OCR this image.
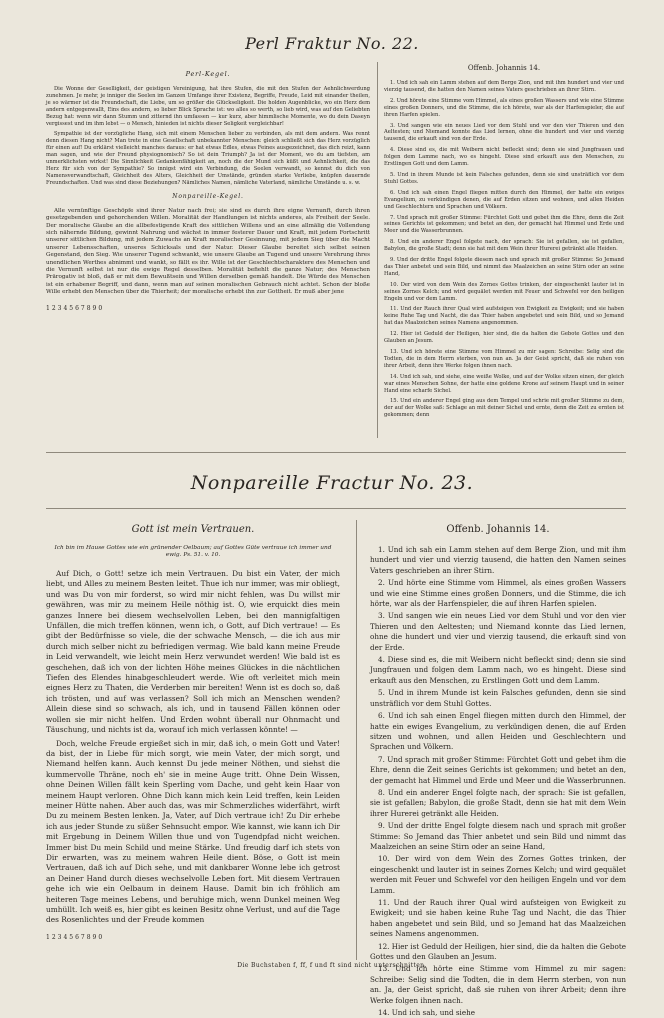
Perl Fraktur No. 22.
Perl-Kegel.

Die Wonne der Geselligkeit, der geistigen Vereinigung, hat ihre Stufen, die mit den Stufen der Aehnlichwerdung zunehmen. Je mehr, je inniger die Seelen im Ganzen Umfange ihrer Existenz, Begriffe, Freude, Leid mit einander theilen, je so wärmer ist die Freundschaft, die Liebe, um so größer die Glückseligkeit. Die holden Augenblicke, wo ein Herz dem andern entgegenwallt, Eins des andern, so lieber Blick Sprache ist: wo alles so werth, so lieb wird, was auf den Geliebten Bezug hat: wenn wir dann Stumm und zitternd ihn umfassen — kur kurz, aber himmlische Momente, wo du dein Daseyn vergissest und im ihm lebst — o Mensch, hinieden ist nichts dieser Seligkeit vergleichbar!

Sympathie ist der vorzügliche Hang, sich mit einem Menschen lieber zu verbinden, als mit dem andern. Was rennt denn diesen Hang nicht? Man trete in eine Gesellschaft unbekannter Menschen: gleich schließt sich das Herz vorzüglich für einen auf! Du erklärst vielleicht manches daraus: er hat etwas Edles, etwas Feines ausgezeichnet, das dich reizt, kann man sagen, und wie der Freund physiognomisch? So ist dein Triumph? Ja ist der Moment, wo du am tiefsten, am unmerklichsten wirkst! Die Sinnlichkeit Gedankenfähigkeit an, noch die der Mund sich küßt und Aehnlichkeit, die das Herz für sich von der Sympathie? So innigst wird ein Verbindung, die Seelen verwandt, so kennst du dich von Namensverwandtschaft, Gleichheit des Alters, Gleichheit der Umstände, gründen starke Verliebe, knüpfen dauernde Freundschaften. Und was sind diese Beziehungen? Nämliches Namen, nämliche Vaterland, nämliche Umstände u. s. w.

Nonpareille-Kegel.

Alle vernünftige Geschöpfe sind ihrer Natur nach frei; sie sind es durch ihre eigne Vernunft, durch ihren gesetzgebenden und gehorchenden Willen. Moralität der Handlungen ist nichts anderes, als Freiheit der Seele. Der moralische Glaube an die allbefestigende Kraft des sittlichen Willens und an eine allmälig die Vollendung sich nähernde Bildung, gewinnt Nahrung und wächst in immer festerer Dauer und Kraft, mit jedem Fortschritt unserer sittlichen Bildung, mit jedem Zuwachs an Kraft moralischer Gesinnung, mit jedem Sieg über die Macht unserer Lebensschaften, unseres Schicksals und der Natur. Dieser Glaube bereitet sich selbst seinen Gegenstand, den Sieg. Wie unserer Tugend schwankt, wie unsere Glaube an Tugend und unsere Verehrung ihres unendlichen Werthes abnimmt und wankt, so fällt es ihr. Wille ist der Geschlechtscharaktere des Menschen und die Vernunft selbst ist nur die ewige Regel desselben. Moralität befiehlt die ganze Natur; des Menschen Prärogativ ist bloß, daß er mit dem Bewußtsein und Willen derselben gemäß handelt. Die Würde des Menschen ist ein erhabener Begriff, und dann, wenn man auf seinen moralischen Gebrauch nicht achtet. Schon der bloße Wille erhebt den Menschen über die Thierheit; der moralische erhebt ihn zur Gottheit. Er muß aber jene

1234567890
Offenb. Johannis 14.

1. Und ich sah ein Lamm stehen auf dem Berge Zion, und mit ihm hundert und vier und vierzig tausend, die hatten den Namen seines Vaters geschrieben an ihrer Stirn.

2. Und hörete eine Stimme vom Himmel, als eines großen Wassers und wie eine Stimme eines großen Donners, und die Stimme, die ich hörete, war als der Harfenspieler, die auf ihren Harfen spielen.

3. Und sangen wie ein neues Lied vor dem Stuhl und vor den vier Thieren und den Aeltesten; und Niemand konnte das Lied lernen, ohne die hundert und vier und vierzig tausend, die erkauft sind von der Erde.

4. Diese sind es, die mit Weibern nicht befleckt sind; denn sie sind Jungfrauen und folgen dem Lamme nach, wo es hingeht. Diese sind erkauft aus den Menschen, zu Erstlingen Gott und dem Lamm.

5. Und in ihrem Munde ist kein Falsches gefunden, denn sie sind unsträflich vor dem Stuhl Gottes.

6. Und ich sah einen Engel fliegen mitten durch den Himmel, der hatte ein ewiges Evangelium, zu verkündigen denen, die auf Erden sitzen und wohnen, und allen Heiden und Geschlechtern und Sprachen und Völkern.

7. Und sprach mit großer Stimme: Fürchtet Gott und gebet ihm die Ehre, denn die Zeit seines Gerichts ist gekommen; und betet an den, der gemacht hat Himmel und Erde und Meer und die Wasserbrunnen.

8. Und ein anderer Engel folgete nach, der sprach: Sie ist gefallen, sie ist gefallen, Babylon, die große Stadt; denn sie hat mit dem Wein ihrer Hurerei getränkt alle Heiden.

9. Und der dritte Engel folgete diesem nach und sprach mit großer Stimme: So Jemand das Thier anbetet und sein Bild, und nimmt das Maalzeichen an seine Stirn oder an seine Hand,

10. Der wird von dem Wein des Zornes Gottes trinken, der eingeschenkt lauter ist in seines Zornes Kelch; und wird gequälet werden mit Feuer und Schwefel vor den heiligen Engeln und vor dem Lamm.

11. Und der Rauch ihrer Qual wird aufsteigen von Ewigkeit zu Ewigkeit; und sie haben keine Ruhe Tag und Nacht, die das Thier haben angebetet und sein Bild, und so Jemand hat das Maalzeichen seines Namens angenommen.

12. Hier ist Geduld der Heiligen, hier sind, die da halten die Gebote Gottes und den Glauben an Jesum.

13. Und ich hörete eine Stimme vom Himmel zu mir sagen: Schreibe: Selig sind die Todten, die in dem Herrn sterben, von nun an. Ja der Geist spricht, daß sie ruhen von ihrer Arbeit, denn ihre Werke folgen ihnen nach.

14. Und ich sah, und siehe, eine weiße Wolke, und auf der Wolke sitzen einen, der gleich war eines Menschen Sohne, der hatte eine goldene Krone auf seinem Haupt und in seiner Hand eine scharfe Sichel.

15. Und ein anderer Engel ging aus dem Tempel und schrie mit großer Stimme zu dem, der auf der Wolke saß: Schlage an mit deiner Sichel und ernte, denn die Zeit zu ernten ist gekommen; denn

Nonpareille Fractur No. 23.
Gott ist mein Vertrauen.
Ich bin im Hause Gottes wie ein grünender Oelbaum; auf Gottes Güte vertraue ich immer und ewig. Ps. 51. v. 10.

Auf Dich, o Gott! setze ich mein Vertrauen. Du bist ein Vater, der mich liebt, und Alles zu meinem Besten leitet. Thue ich nur immer, was mir obliegt, und was Du von mir forderst, so wird mir nicht fehlen, was Du willst mir gewähren, was mir zu meinem Heile nöthig ist. O, wie erquickt dies mein ganzes Innere bei diesem wechselvollen Leben, bei den mannigfaltigen Unfällen, die mich treffen können, wenn ich, o Gott, auf Dich vertraue! — Es gibt der Bedürfnisse so viele, die der schwache Mensch, — die ich aus mir durch mich selber nicht zu befriedigen vermag. Wie bald kann meine Freude in Leid verwandelt, wie leicht mein Herz verwundet werden! Wie bald ist es geschehen, daß ich von der lichten Höhe meines Glückes in die nächtlichen Tiefen des Elendes hinabgeschleudert werde. Wie oft verleitet mich mein eignes Herz zu Thaten, die Verderben mir bereiten! Wenn ist es doch so, daß ich trösten, und auf was verlassen? Soll ich mich an Menschen wenden? Allein diese sind so schwach, als ich, und in tausend Fällen können oder wollen sie mir nicht helfen. Und Erden wohnt überall nur Ohnmacht und Täuschung, und nichts ist da, worauf ich mich verlassen könnte! —

Doch, welche Freude ergießet sich in mir, daß ich, o mein Gott und Vater! da bist, der in Liebe für mich sorgt, wie mein Vater, der mich sorgt, und Niemand helfen kann. Auch kennst Du jede meiner Nöthen, und siehst die kummervolle Thräne, noch eh' sie in meine Auge tritt. Ohne Dein Wissen, ohne Deinen Willen fällt kein Sperling vom Dache, und geht kein Haar von meinem Haupt verloren. Ohne Dich kann mich kein Leid treffen, kein Leiden meiner Hütte nahen. Aber auch das, was mir Schmerzliches widerfährt, wirft Du zu meinem Besten lenken. Ja, Vater, auf Dich vertraue ich! Zu Dir erhebe ich aus jeder Stunde zu süßer Sehnsucht empor. Wie kannst, wie kann ich Dir mit Ergebung in Deinem Willen thue und von Tugendpfad nicht weichen. Immer bist Du mein Schild und meine Stärke. Und freudig darf ich stets von Dir erwarten, was zu meinem wahren Heile dient. Böse, o Gott ist mein Vertrauen, daß ich auf Dich sehe, und mit dankbarer Wonne lebe ich getrost an Deiner Hand durch dieses wechselvolle Leben fort. Mit diesem Vertrauen gehe ich wie ein Oelbaum in deinem Hause. Damit bin ich fröhlich am heiteren Tage meines Lebens, und beruhige mich, wenn Dunkel meinen Weg umhüllt. Ich weiß es, hier gibt es keinen Besitz ohne Verlust, und auf die Tage des Rosenlichtes und der Freude kommen

1234567890
Offenb. Johannis 14.

1. Und ich sah ein Lamm stehen auf dem Berge Zion, und mit ihm hundert und vier und vierzig tausend, die hatten den Namen seines Vaters geschrieben an ihrer Stirn.

2. Und hörte eine Stimme vom Himmel, als eines großen Wassers und wie eine Stimme eines großen Donners, und die Stimme, die ich hörte, war als der Harfenspieler, die auf ihren Harfen spielen.

3. Und sangen wie ein neues Lied vor dem Stuhl und vor den vier Thieren und den Aeltesten; und Niemand konnte das Lied lernen, ohne die hundert und vier und vierzig tausend, die erkauft sind von der Erde.

4. Diese sind es, die mit Weibern nicht befleckt sind; denn sie sind Jungfrauen und folgen dem Lamm nach, wo es hingeht. Diese sind erkauft aus den Menschen, zu Erstlingen Gott und dem Lamm.

5. Und in ihrem Munde ist kein Falsches gefunden, denn sie sind unsträflich vor dem Stuhl Gottes.

6. Und ich sah einen Engel fliegen mitten durch den Himmel, der hatte ein ewiges Evangelium, zu verkündigen denen, die auf Erden sitzen und wohnen, und allen Heiden und Geschlechtern und Sprachen und Völkern.

7. Und sprach mit großer Stimme: Fürchtet Gott und gebet ihm die Ehre, denn die Zeit seines Gerichts ist gekommen; und betet an den, der gemacht hat Himmel und Erde und Meer und die Wasserbrunnen.

8. Und ein anderer Engel folgte nach, der sprach: Sie ist gefallen, sie ist gefallen; Babylon, die große Stadt, denn sie hat mit dem Wein ihrer Hurerei getränkt alle Heiden.

9. Und der dritte Engel folgte diesem nach und sprach mit großer Stimme: So Jemand das Thier anbetet und sein Bild und nimmt das Maalzeichen an seine Stirn oder an seine Hand,

10. Der wird von dem Wein des Zornes Gottes trinken, der eingeschenkt und lauter ist in seines Zornes Kelch; und wird gequälet werden mit Feuer und Schwefel vor den heiligen Engeln und vor dem Lamm.

11. Und der Rauch ihrer Qual wird aufsteigen von Ewigkeit zu Ewigkeit; und sie haben keine Ruhe Tag und Nacht, die das Thier haben angebetet und sein Bild, und so Jemand hat das Maalzeichen seines Namens angenommen.

12. Hier ist Geduld der Heiligen, hier sind, die da halten die Gebote Gottes und den Glauben an Jesum.

13. Und ich hörte eine Stimme vom Himmel zu mir sagen: Schreibe: Selig sind die Todten, die in dem Herrn sterben, von nun an. Ja, der Geist spricht, daß sie ruhen von ihrer Arbeit; denn ihre Werke folgen ihnen nach.

14. Und ich sah, und siehe

Die Buchstaben f, ff, f und ft sind nicht unterschnitten.
